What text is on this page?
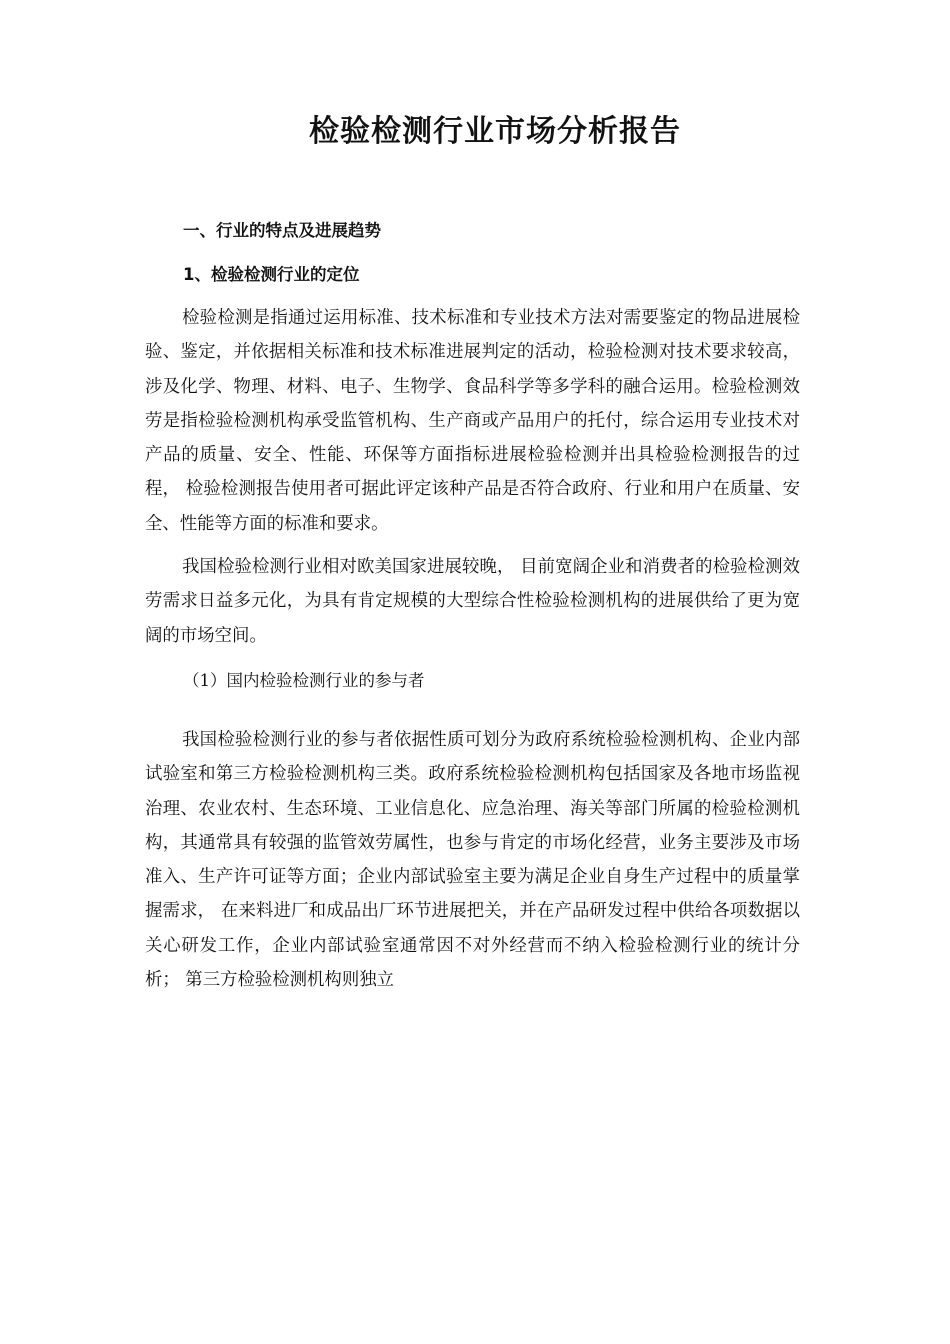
检验检测行业市场分析报告
一、行业的特点及进展趋势
1、检验检测行业的定位

检验检测是指通过运用标准、技术标准和专业技术方法对需要鉴定的物品进展检验、鉴定，并依据相关标准和技术标准进展判定的活动，检验检测对技术要求较高，涉及化学、物理、材料、电子、生物学、食品科学等多学科的融合运用。检验检测效劳是指检验检测机构承受监管机构、生产商或产品用户的托付，综合运用专业技术对产品的质量、安全、性能、环保等方面指标进展检验检测并出具检验检测报告的过程， 检验检测报告使用者可据此评定该种产品是否符合政府、行业和用户在质量、安全、性能等方面的标准和要求。

我国检验检测行业相对欧美国家进展较晚， 目前宽阔企业和消费者的检验检测效劳需求日益多元化，为具有肯定规模的大型综合性检验检测机构的进展供给了更为宽阔的市场空间。

（1）国内检验检测行业的参与者

我国检验检测行业的参与者依据性质可划分为政府系统检验检测机构、企业内部试验室和第三方检验检测机构三类。政府系统检验检测机构包括国家及各地市场监视治理、农业农村、生态环境、工业信息化、应急治理、海关等部门所属的检验检测机构，其通常具有较强的监管效劳属性，也参与肯定的市场化经营，业务主要涉及市场准入、生产许可证等方面；企业内部试验室主要为满足企业自身生产过程中的质量掌握需求， 在来料进厂和成品出厂环节进展把关，并在产品研发过程中供给各项数据以关心研发工作，企业内部试验室通常因不对外经营而不纳入检验检测行业的统计分析； 第三方检验检测机构则独立
